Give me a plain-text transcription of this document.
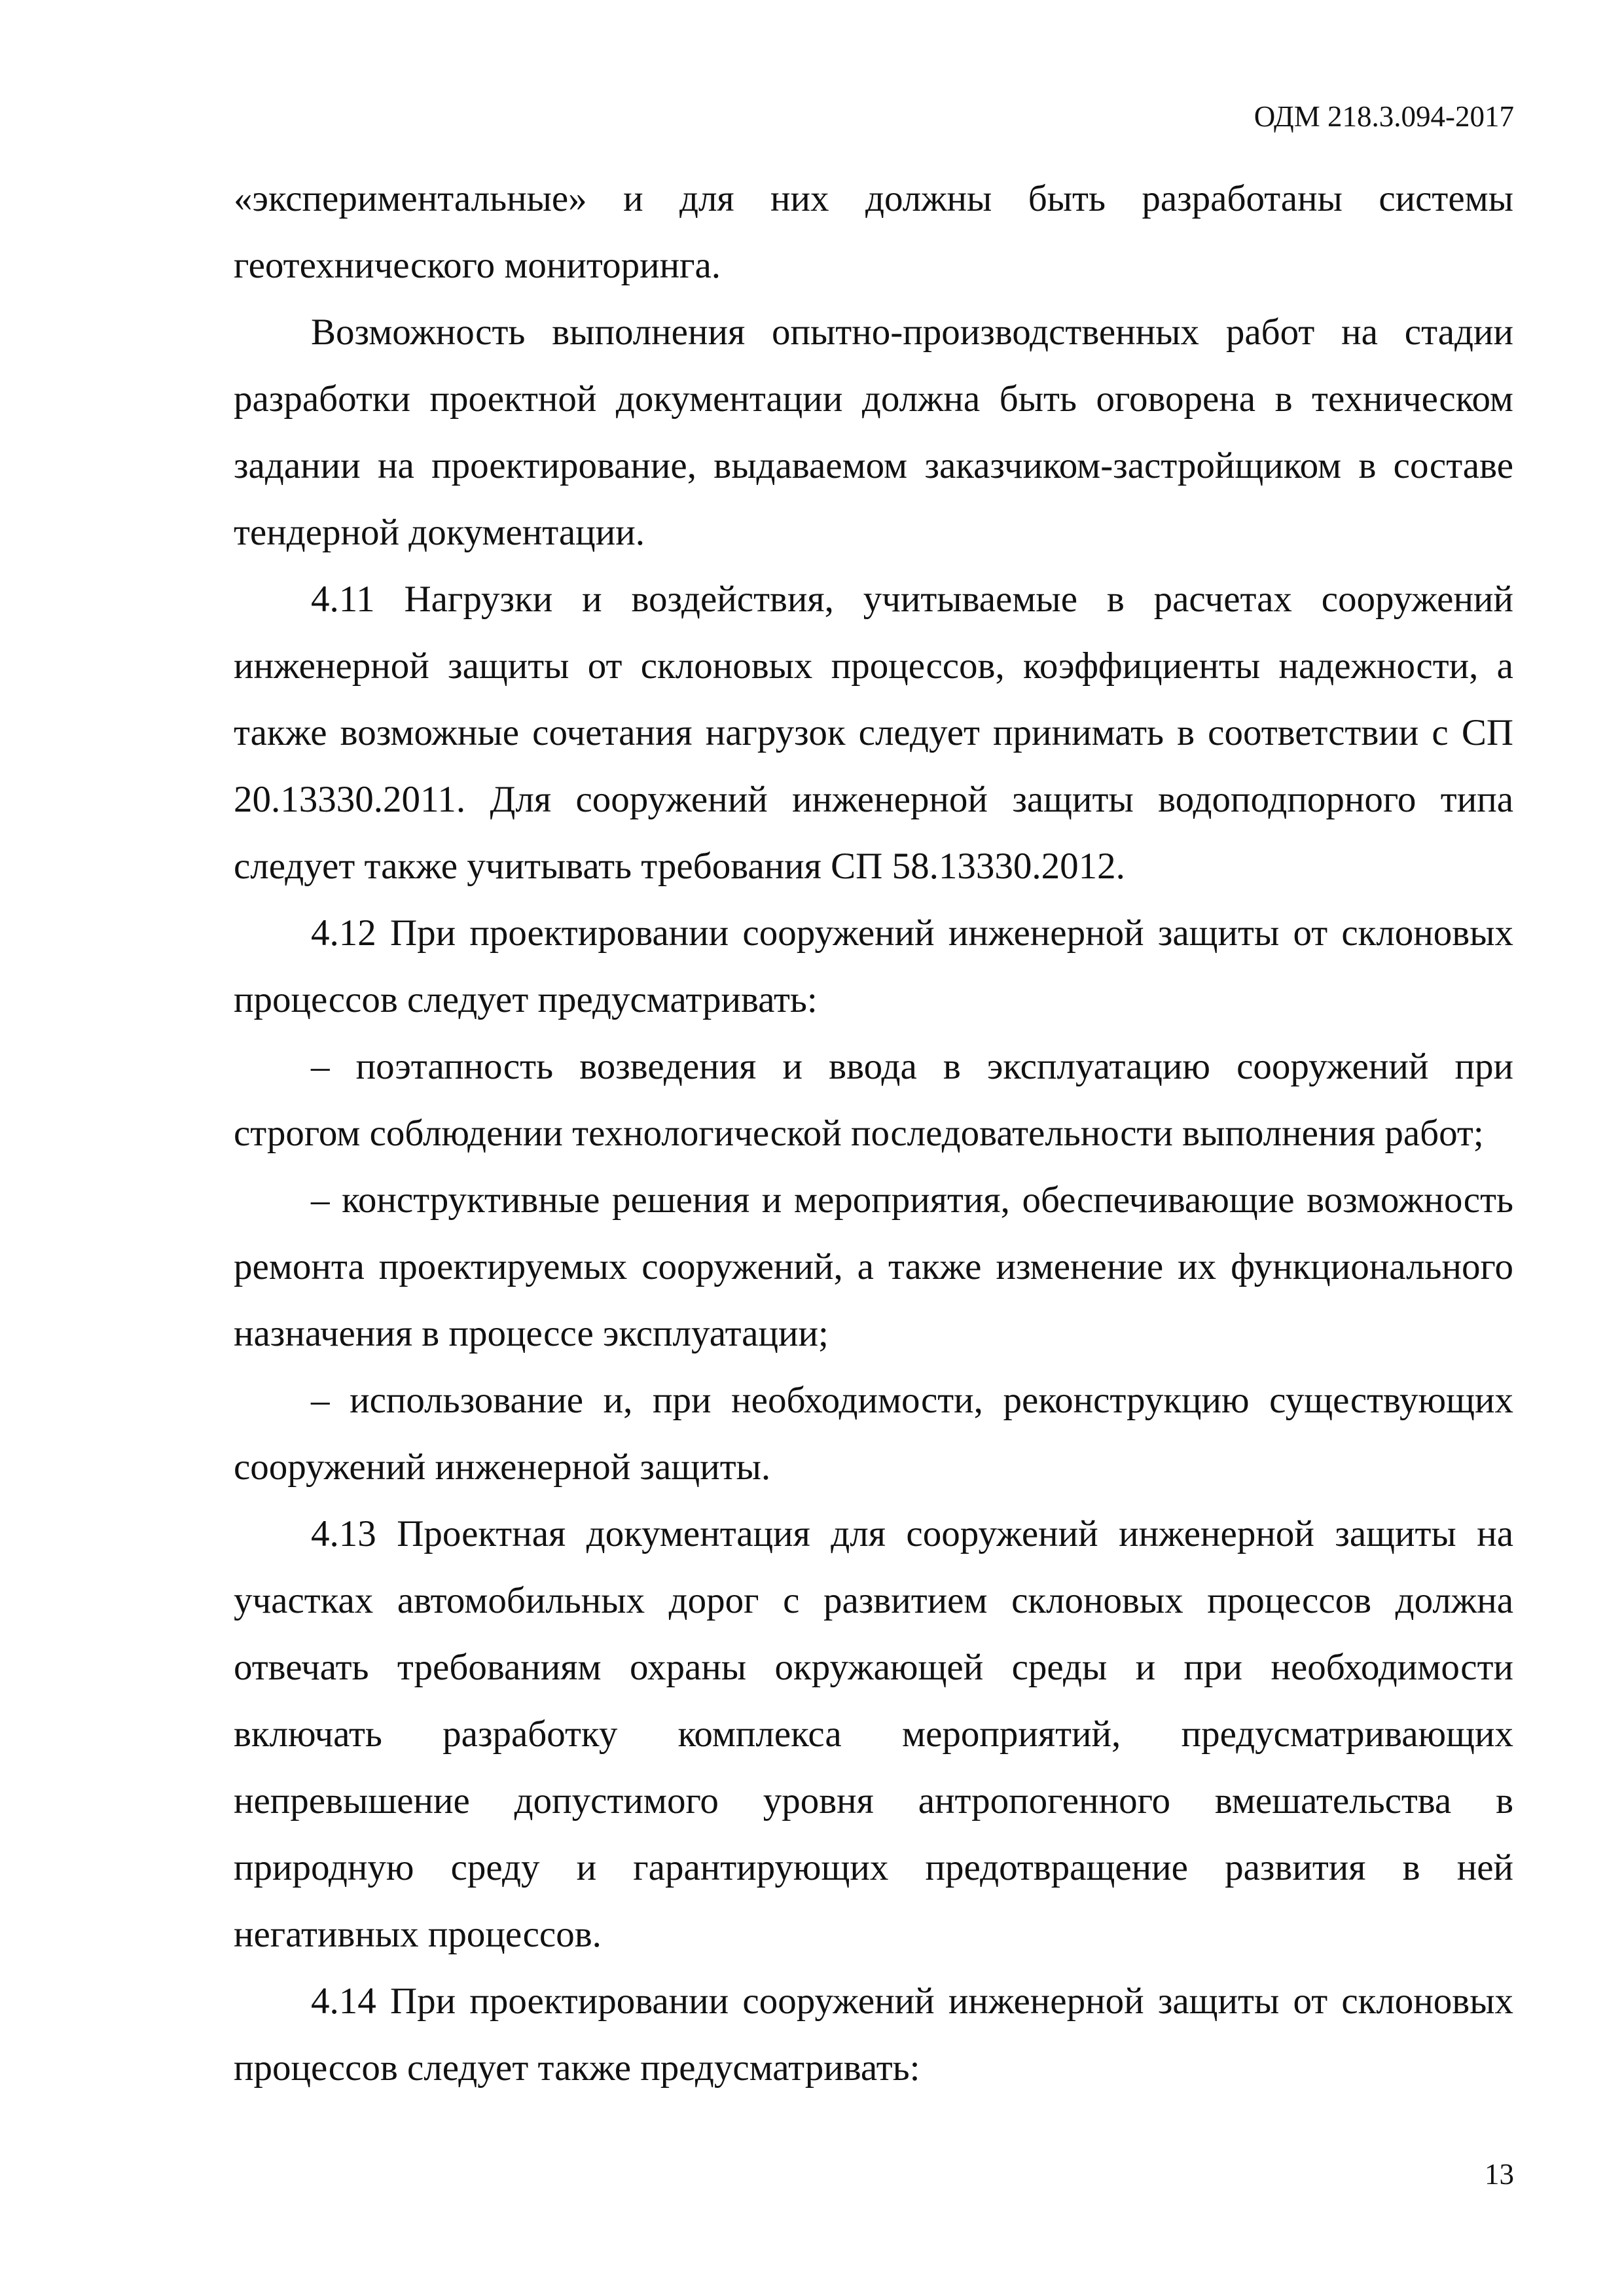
ОДМ 218.3.094-2017

«экспериментальные» и для них должны быть разработаны системы геотехнического мониторинга.

Возможность выполнения опытно-производственных работ на стадии разработки проектной документации должна быть оговорена в техническом задании на проектирование, выдаваемом заказчиком-застройщиком в составе тендерной документации.

4.11 Нагрузки и воздействия, учитываемые в расчетах сооружений инженерной защиты от склоновых процессов, коэффициенты надежности, а также возможные сочетания нагрузок следует принимать в соответствии с СП 20.13330.2011. Для сооружений инженерной защиты водоподпорного типа следует также учитывать требования СП 58.13330.2012.

4.12 При проектировании сооружений инженерной защиты от склоновых процессов следует предусматривать:

– поэтапность возведения и ввода в эксплуатацию сооружений при строгом соблюдении технологической последовательности выполнения работ;

– конструктивные решения и мероприятия, обеспечивающие возможность ремонта проектируемых сооружений, а также изменение их функционального назначения в процессе эксплуатации;

– использование и, при необходимости, реконструкцию существующих сооружений инженерной защиты.

4.13 Проектная документация для сооружений инженерной защиты на участках автомобильных дорог с развитием склоновых процессов должна отвечать требованиям охраны окружающей среды и при необходимости включать разработку комплекса мероприятий, предусматривающих непревышение допустимого уровня антропогенного вмешательства в природную среду и гарантирующих предотвращение развития в ней негативных процессов.

4.14 При проектировании сооружений инженерной защиты от склоновых процессов следует также предусматривать:

13
